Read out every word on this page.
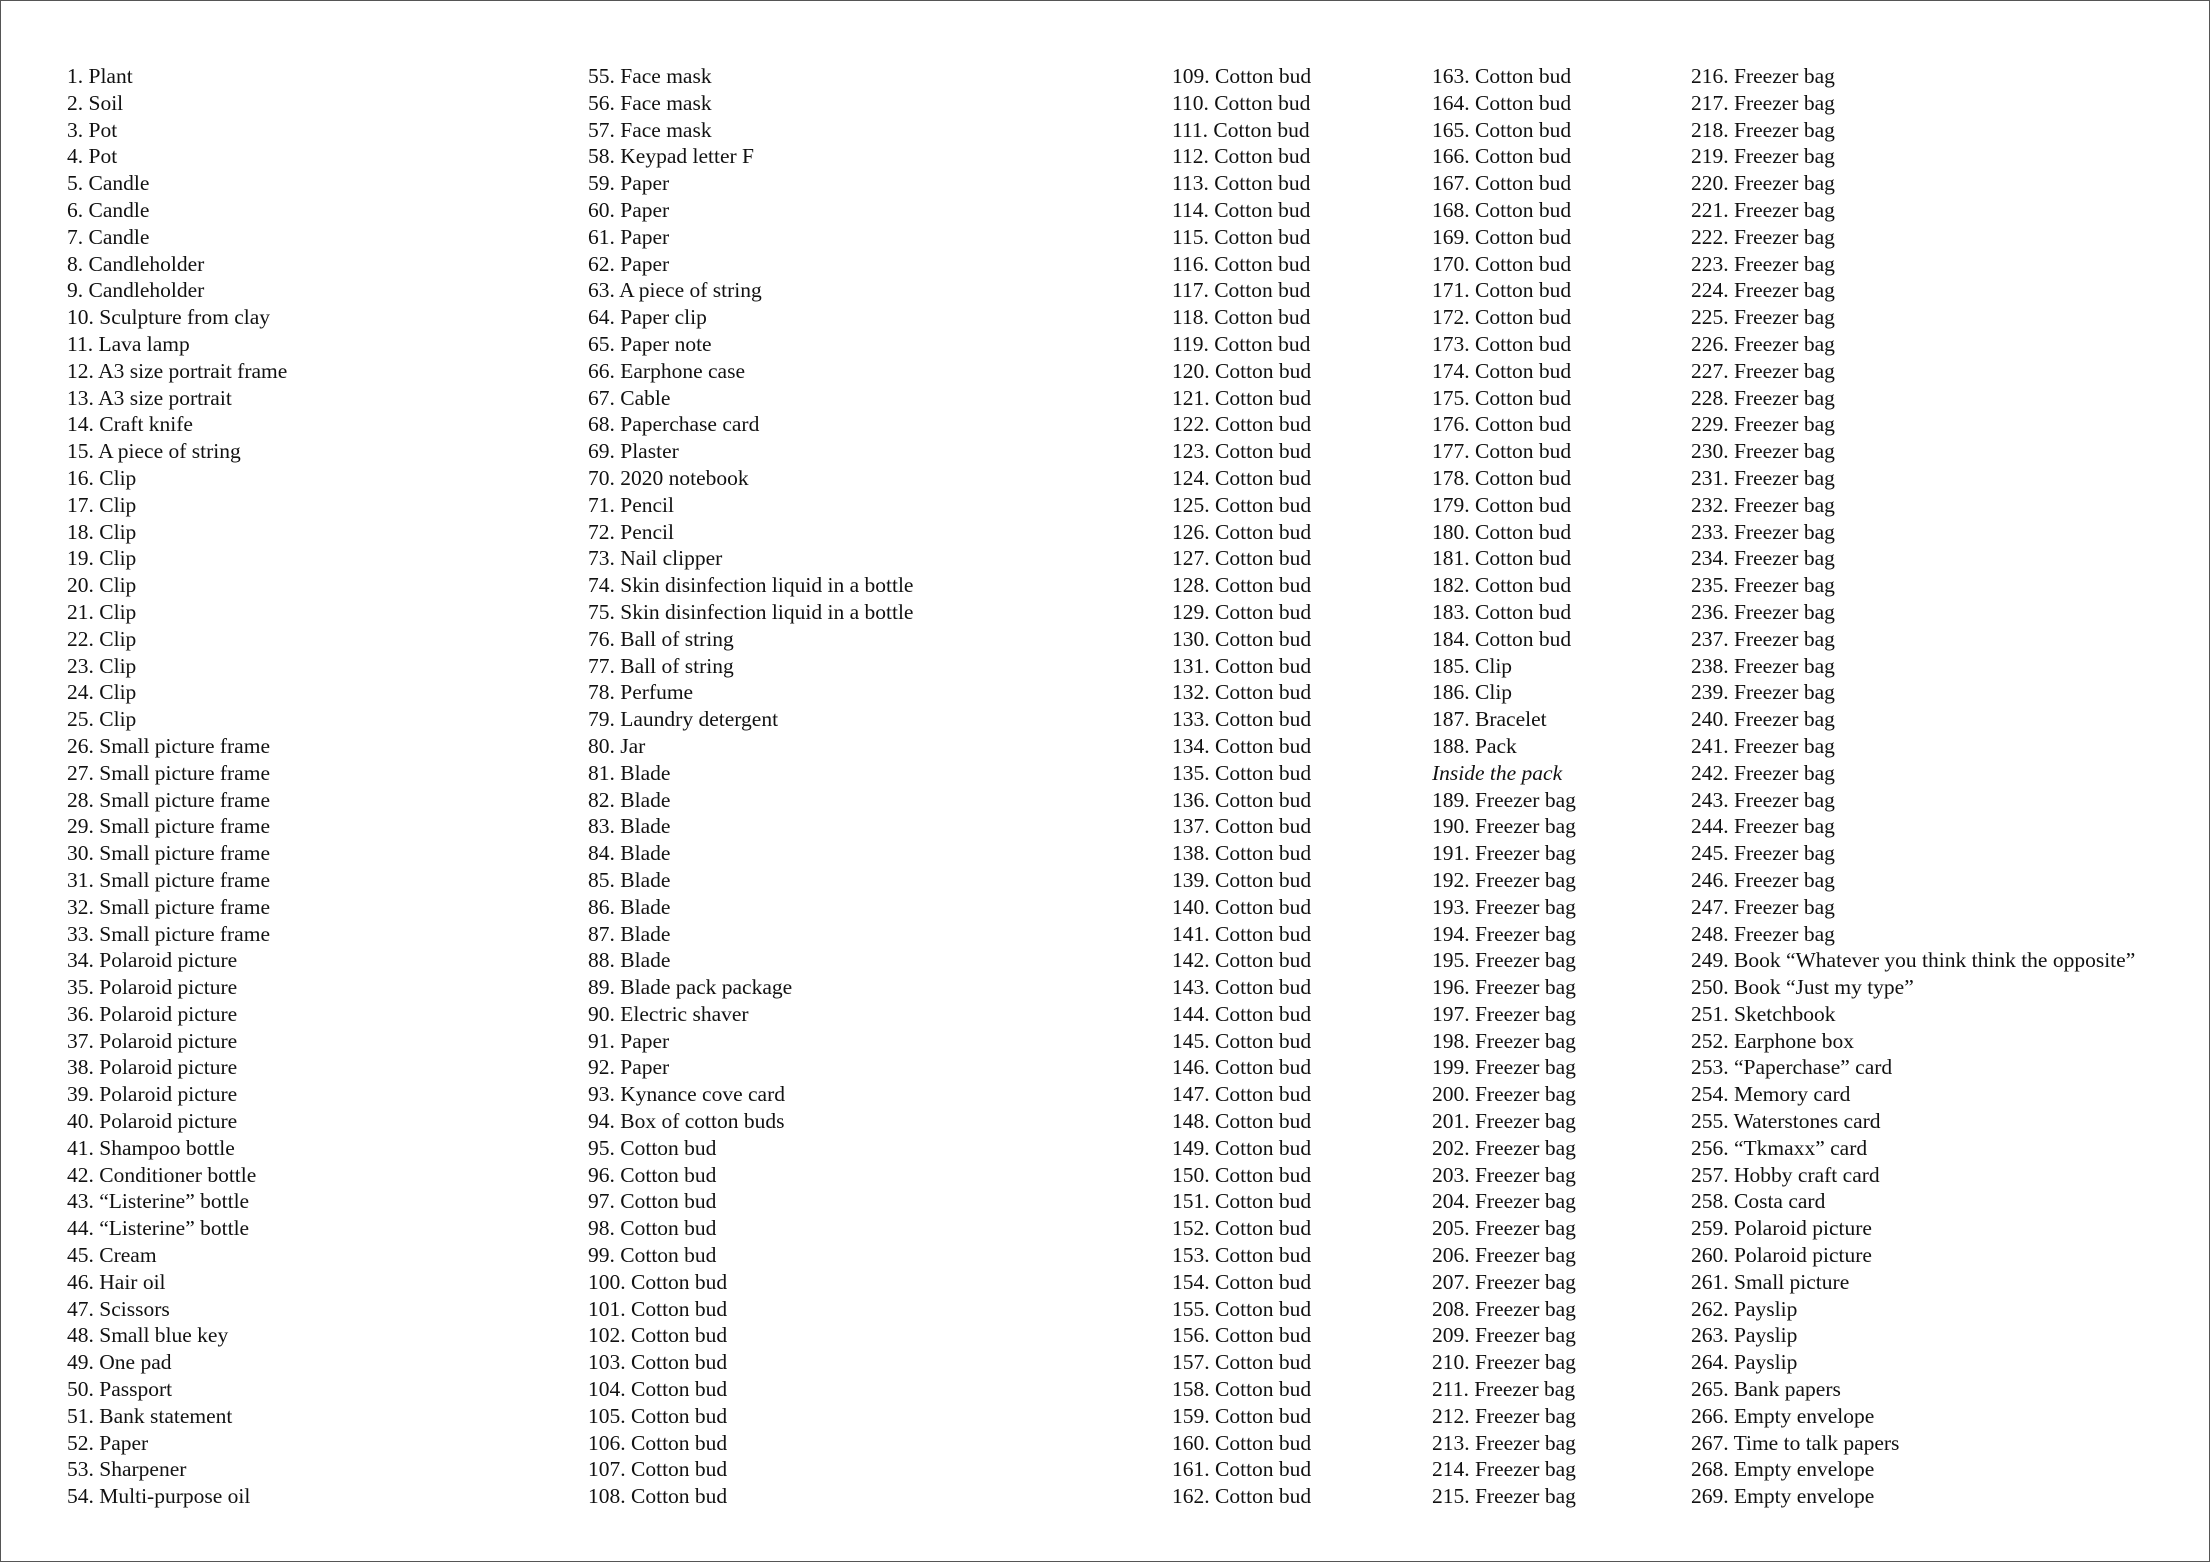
1. Plant
2. Soil
3. Pot
4. Pot
5. Candle
6. Candle
7. Candle
8. Candleholder
9. Candleholder
10. Sculpture from clay
11. Lava lamp
12. A3 size portrait frame
13. A3 size portrait
14. Craft knife
15. A piece of string
16. Clip
17. Clip
18. Clip
19. Clip
20. Clip
21. Clip
22. Clip
23. Clip
24. Clip
25. Clip
26. Small picture frame
27. Small picture frame
28. Small picture frame
29. Small picture frame
30. Small picture frame
31. Small picture frame
32. Small picture frame
33. Small picture frame
34. Polaroid picture
35. Polaroid picture
36. Polaroid picture
37. Polaroid picture
38. Polaroid picture
39. Polaroid picture
40. Polaroid picture
41. Shampoo bottle
42. Conditioner bottle
43. “Listerine” bottle
44. “Listerine” bottle
45. Cream
46. Hair oil
47. Scissors
48. Small blue key
49. One pad
50. Passport
51. Bank statement
52. Paper
53. Sharpener
54. Multi-purpose oil
55. Face mask
56. Face mask
57. Face mask
58. Keypad letter F
59. Paper
60. Paper
61. Paper
62. Paper
63. A piece of string
64. Paper clip
65. Paper note
66. Earphone case
67. Cable
68. Paperchase card
69. Plaster
70. 2020 notebook
71. Pencil
72. Pencil
73. Nail clipper
74. Skin disinfection liquid in a bottle
75. Skin disinfection liquid in a bottle
76. Ball of string
77. Ball of string
78. Perfume
79. Laundry detergent
80. Jar
81. Blade
82. Blade
83. Blade
84. Blade
85. Blade
86. Blade
87. Blade
88. Blade
89. Blade pack package
90. Electric shaver
91. Paper
92. Paper
93. Kynance cove card
94. Box of cotton buds
95. Cotton bud
96. Cotton bud
97. Cotton bud
98. Cotton bud
99. Cotton bud
100. Cotton bud
101. Cotton bud
102. Cotton bud
103. Cotton bud
104. Cotton bud
105. Cotton bud
106. Cotton bud
107. Cotton bud
108. Cotton bud
109. Cotton bud
110. Cotton bud
111. Cotton bud
112. Cotton bud
113. Cotton bud
114. Cotton bud
115. Cotton bud
116. Cotton bud
117. Cotton bud
118. Cotton bud
119. Cotton bud
120. Cotton bud
121. Cotton bud
122. Cotton bud
123. Cotton bud
124. Cotton bud
125. Cotton bud
126. Cotton bud
127. Cotton bud
128. Cotton bud
129. Cotton bud
130. Cotton bud
131. Cotton bud
132. Cotton bud
133. Cotton bud
134. Cotton bud
135. Cotton bud
136. Cotton bud
137. Cotton bud
138. Cotton bud
139. Cotton bud
140. Cotton bud
141. Cotton bud
142. Cotton bud
143. Cotton bud
144. Cotton bud
145. Cotton bud
146. Cotton bud
147. Cotton bud
148. Cotton bud
149. Cotton bud
150. Cotton bud
151. Cotton bud
152. Cotton bud
153. Cotton bud
154. Cotton bud
155. Cotton bud
156. Cotton bud
157. Cotton bud
158. Cotton bud
159. Cotton bud
160. Cotton bud
161. Cotton bud
162. Cotton bud
163. Cotton bud
164. Cotton bud
165. Cotton bud
166. Cotton bud
167. Cotton bud
168. Cotton bud
169. Cotton bud
170. Cotton bud
171. Cotton bud
172. Cotton bud
173. Cotton bud
174. Cotton bud
175. Cotton bud
176. Cotton bud
177. Cotton bud
178. Cotton bud
179. Cotton bud
180. Cotton bud
181. Cotton bud
182. Cotton bud
183. Cotton bud
184. Cotton bud
185. Clip
186. Clip
187. Bracelet
188. Pack
Inside the pack
189. Freezer bag
190. Freezer bag
191. Freezer bag
192. Freezer bag
193. Freezer bag
194. Freezer bag
195. Freezer bag
196. Freezer bag
197. Freezer bag
198. Freezer bag
199. Freezer bag
200. Freezer bag
201. Freezer bag
202. Freezer bag
203. Freezer bag
204. Freezer bag
205. Freezer bag
206. Freezer bag
207. Freezer bag
208. Freezer bag
209. Freezer bag
210. Freezer bag
211. Freezer bag
212. Freezer bag
213. Freezer bag
214. Freezer bag
215. Freezer bag
216. Freezer bag
217. Freezer bag
218. Freezer bag
219. Freezer bag
220. Freezer bag
221. Freezer bag
222. Freezer bag
223. Freezer bag
224. Freezer bag
225. Freezer bag
226. Freezer bag
227. Freezer bag
228. Freezer bag
229. Freezer bag
230. Freezer bag
231. Freezer bag
232. Freezer bag
233. Freezer bag
234. Freezer bag
235. Freezer bag
236. Freezer bag
237. Freezer bag
238. Freezer bag
239. Freezer bag
240. Freezer bag
241. Freezer bag
242. Freezer bag
243. Freezer bag
244. Freezer bag
245. Freezer bag
246. Freezer bag
247. Freezer bag
248. Freezer bag
249. Book “Whatever you think think the opposite”
250. Book “Just my type”
251. Sketchbook
252. Earphone box
253. “Paperchase” card
254. Memory card
255. Waterstones card
256. “Tkmaxx” card
257. Hobby craft card
258. Costa card
259. Polaroid picture
260. Polaroid picture
261. Small picture
262. Payslip
263. Payslip
264. Payslip
265. Bank papers
266. Empty envelope
267. Time to talk papers
268. Empty envelope
269. Empty envelope
